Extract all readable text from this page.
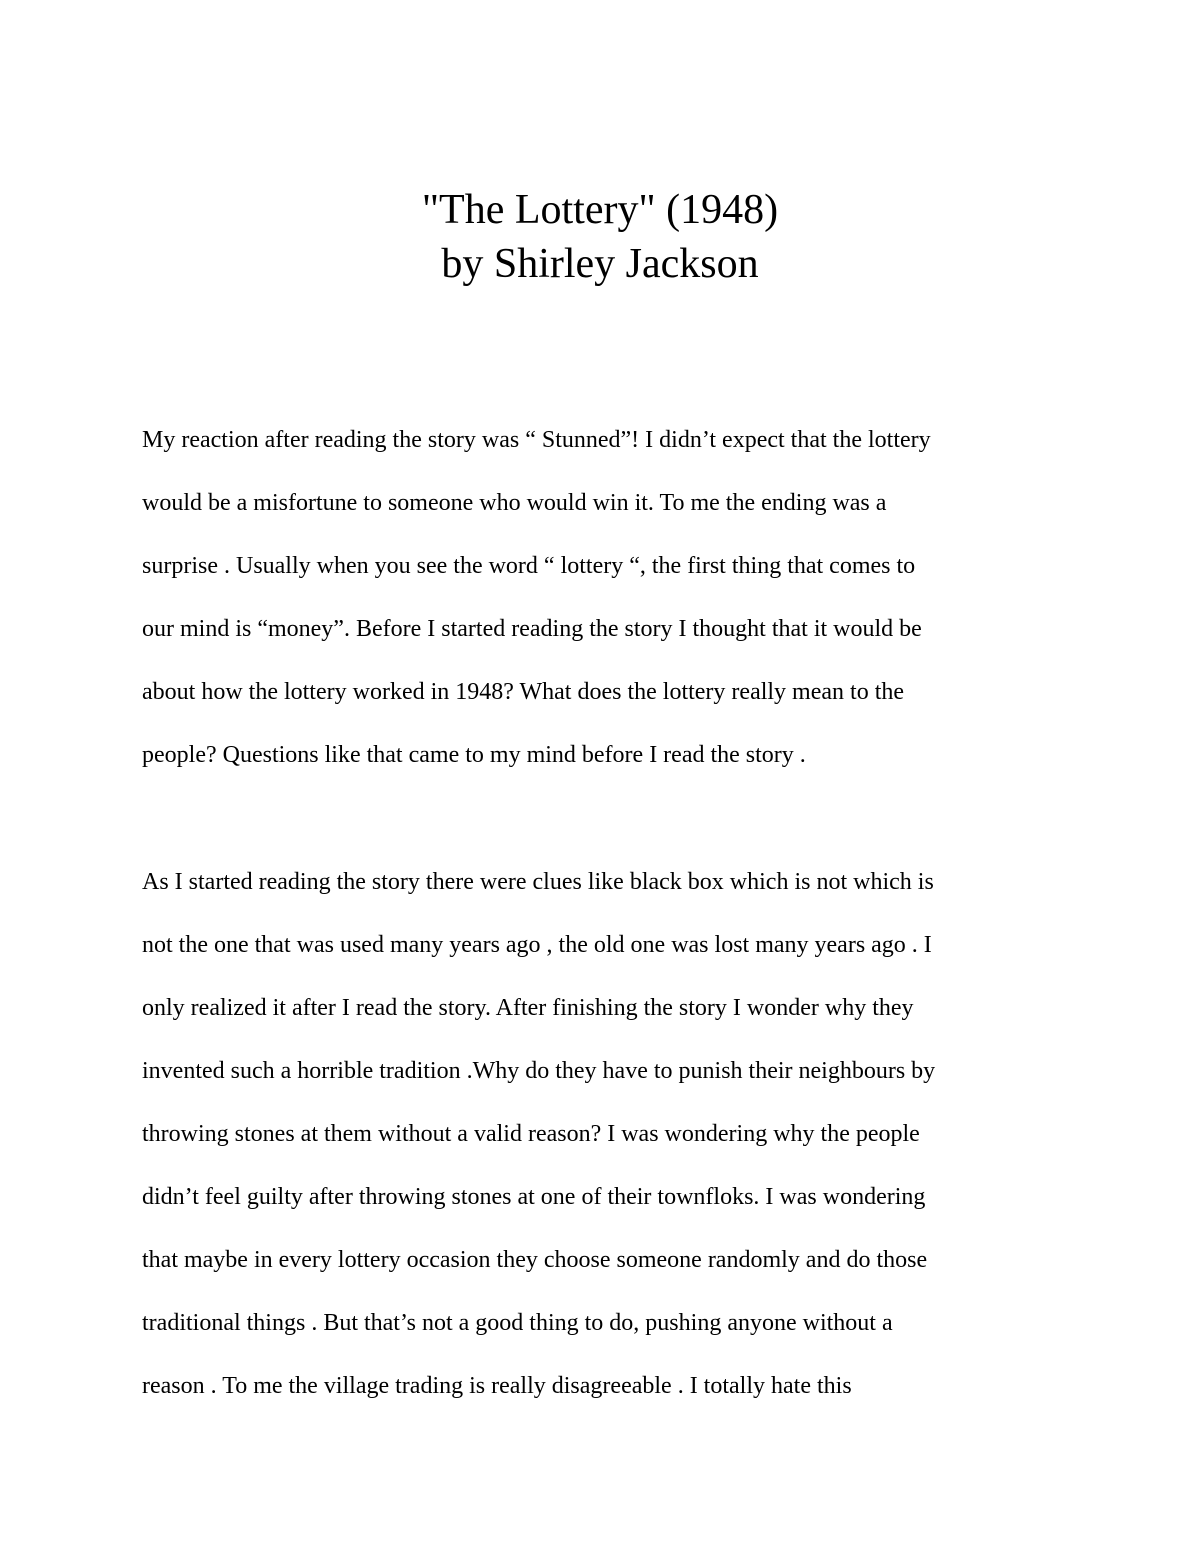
"The Lottery" (1948)
by Shirley Jackson

My reaction after reading the story was “ Stunned”! I didn’t expect that the lottery

would be a misfortune to someone who would win it. To me the ending was a

surprise . Usually when you see the word “ lottery “, the first thing that comes to

our mind is “money”. Before I started reading the story I thought that it would be

about how the lottery worked in 1948? What does the lottery really mean to the

people? Questions like that came to my mind before I read the story .

As I started reading the story there were clues like black box which is not which is

not the one that was used many years ago , the old one was lost many years ago . I

only realized it after I read the story. After finishing the story I wonder why they

invented such a horrible tradition .Why do they have to punish their neighbours by

throwing stones at them without a valid reason? I was wondering why the people

didn’t feel guilty after throwing stones at one of their townfloks. I was wondering

that maybe in every lottery occasion they choose someone randomly and do those

traditional things . But that’s not a good thing to do, pushing anyone without a

reason . To me the village trading is really disagreeable . I totally hate this
